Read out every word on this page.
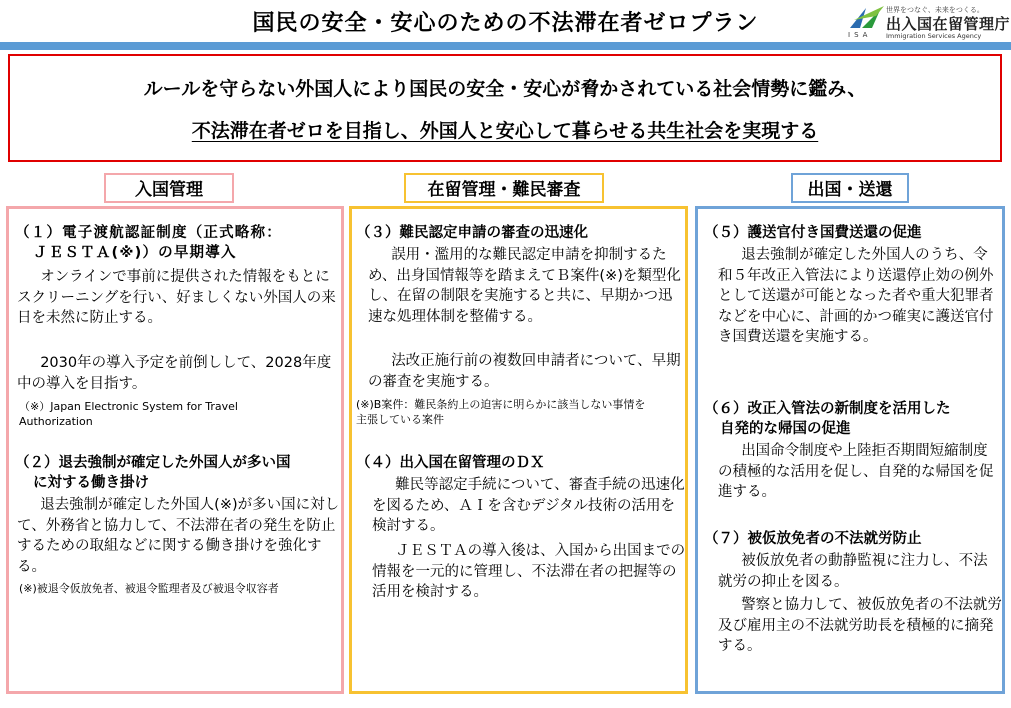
国民の安全・安心のための不法滞在者ゼロプラン
世界をつなぐ、未来をつくる。
出入国在留管理庁
Immigration Services Agency
ISA
ルールを守らない外国人により国民の安全・安心が脅かされている社会情勢に鑑み、
不法滞在者ゼロを目指し、外国人と安心して暮らせる共生社会を実現する
入国管理	在留管理・難民審査	出国・送還
（１）電子渡航認証制度（正式略称：
ＪＥＳＴＡ(※)）の早期導入
オンラインで事前に提供された情報をもとにスクリーニングを行い、好ましくない外国人の来日を未然に防止する。
2030年の導入予定を前倒しして、2028年度中の導入を目指す。
（※）Japan Electronic System for Travel Authorization
（２）退去強制が確定した外国人が多い国
に対する働き掛け
退去強制が確定した外国人(※)が多い国に対して、外務省と協力して、不法滞在者の発生を防止するための取組などに関する働き掛けを強化する。
(※)被退令仮放免者、被退令監理者及び被退令収容者
（３）難民認定申請の審査の迅速化
誤用・濫用的な難民認定申請を抑制するため、出身国情報等を踏まえてＢ案件(※)を類型化し、在留の制限を実施すると共に、早期かつ迅速な処理体制を整備する。
法改正施行前の複数回申請者について、早期の審査を実施する。
(※)B案件：難民条約上の迫害に明らかに該当しない事情を主張している案件
（４）出入国在留管理のＤＸ
難民等認定手続について、審査手続の迅速化を図るため、ＡＩを含むデジタル技術の活用を検討する。
ＪＥＳＴＡの導入後は、入国から出国までの情報を一元的に管理し、不法滞在者の把握等の活用を検討する。
（５）護送官付き国費送還の促進
退去強制が確定した外国人のうち、令和５年改正入管法により送還停止効の例外として送還が可能となった者や重大犯罪者などを中心に、計画的かつ確実に護送官付き国費送還を実施する。
（６）改正入管法の新制度を活用した
自発的な帰国の促進
出国命令制度や上陸拒否期間短縮制度の積極的な活用を促し、自発的な帰国を促進する。
（７）被仮放免者の不法就労防止
被仮放免者の動静監視に注力し、不法就労の抑止を図る。
警察と協力して、被仮放免者の不法就労及び雇用主の不法就労助長を積極的に摘発する。
